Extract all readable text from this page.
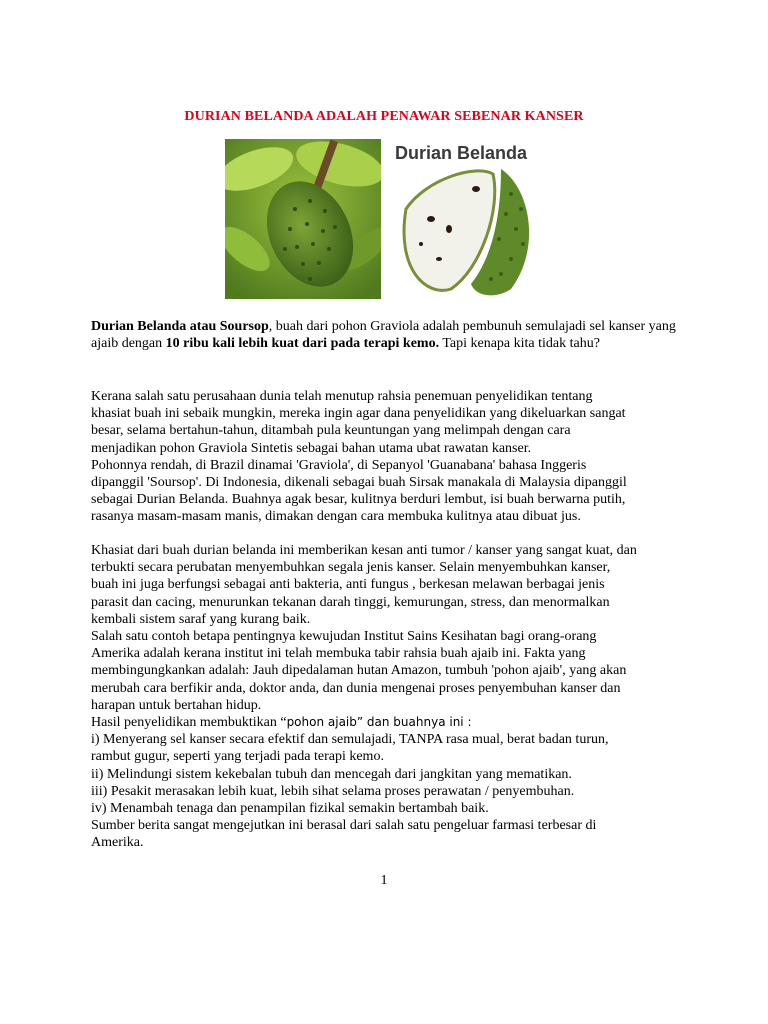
DURIAN BELANDA ADALAH PENAWAR SEBENAR KANSER
Durian Belanda

Durian Belanda atau Soursop, buah dari pohon Graviola adalah pembunuh semulajadi sel kanser yang ajaib dengan 10 ribu kali lebih kuat dari pada terapi kemo. Tapi kenapa kita tidak tahu?

Kerana salah satu perusahaan dunia telah menutup rahsia penemuan penyelidikan tentang

khasiat buah ini sebaik mungkin, mereka ingin agar dana penyelidikan yang dikeluarkan sangat

besar, selama bertahun-tahun, ditambah pula keuntungan yang melimpah dengan cara

menjadikan pohon Graviola Sintetis sebagai bahan utama ubat rawatan kanser.

Pohonnya rendah, di Brazil dinamai 'Graviola', di Sepanyol 'Guanabana' bahasa Inggeris

dipanggil 'Soursop'. Di Indonesia, dikenali sebagai buah Sirsak manakala di Malaysia dipanggil

sebagai Durian Belanda. Buahnya agak besar, kulitnya berduri lembut, isi buah berwarna putih,

rasanya masam-masam manis, dimakan dengan cara membuka kulitnya atau dibuat jus.

Khasiat dari buah durian belanda ini memberikan kesan anti tumor / kanser yang sangat kuat, dan

terbukti secara perubatan menyembuhkan segala jenis kanser. Selain menyembuhkan kanser,

buah ini juga berfungsi sebagai anti bakteria, anti fungus , berkesan melawan berbagai jenis

parasit dan cacing, menurunkan tekanan darah tinggi, kemurungan, stress, dan menormalkan

kembali sistem saraf yang kurang baik.

Salah satu contoh betapa pentingnya kewujudan Institut Sains Kesihatan bagi orang-orang

Amerika adalah kerana institut ini telah membuka tabir rahsia buah ajaib ini. Fakta yang

membingungkankan adalah: Jauh dipedalaman hutan Amazon, tumbuh 'pohon ajaib', yang akan

merubah cara berfikir anda, doktor anda, dan dunia mengenai proses penyembuhan kanser dan

harapan untuk bertahan hidup.

Hasil penyelidikan membuktikan “pohon ajaib” dan buahnya ini :

i) Menyerang sel kanser secara efektif dan semulajadi, TANPA rasa mual, berat badan turun,

rambut gugur, seperti yang terjadi pada terapi kemo.

ii) Melindungi sistem kekebalan tubuh dan mencegah dari jangkitan yang mematikan.

iii) Pesakit merasakan lebih kuat, lebih sihat selama proses perawatan / penyembuhan.

iv) Menambah tenaga dan penampilan fizikal semakin bertambah baik.

Sumber berita sangat mengejutkan ini berasal dari salah satu pengeluar farmasi terbesar di

Amerika.

1
